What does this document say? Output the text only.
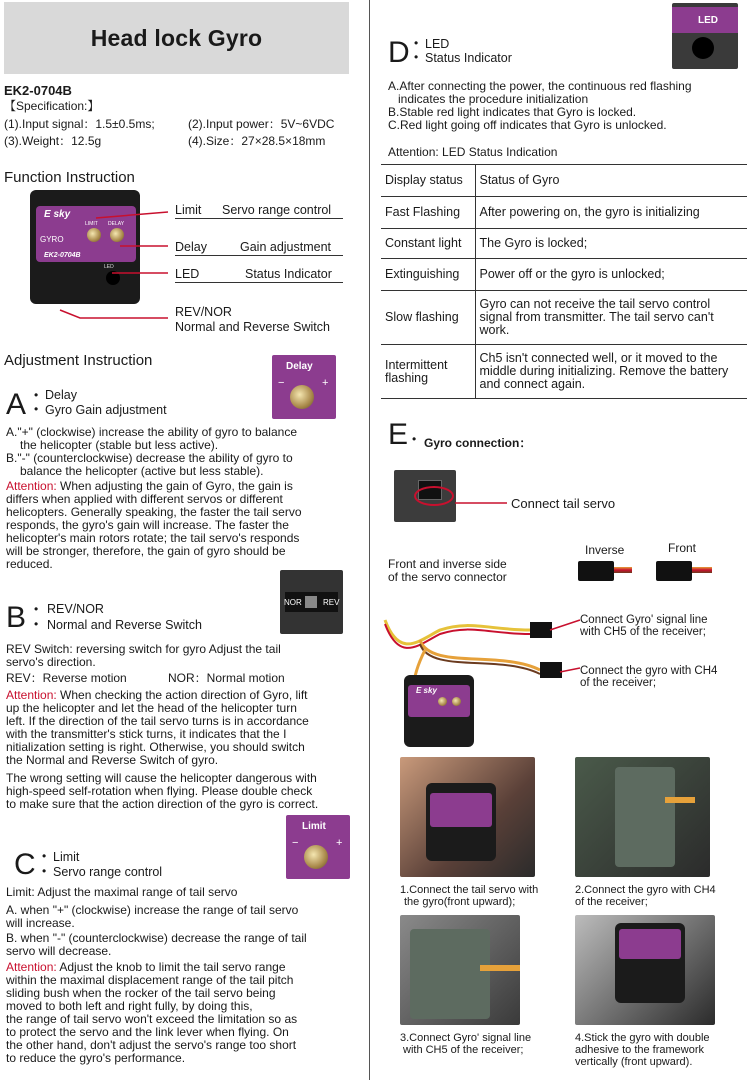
Head lock Gyro
EK2-0704B
【Specification:】
(1).Input signal：1.5±0.5ms;	(2).Input power：5V~6VDC
(3).Weight：12.5g	(4).Size：27×28.5×18mm
Function Instruction
E sky
GYRO
LIMIT DELAY
EK2-0704B
LED
Limit Servo range control
Delay	Gain adjustment
LED	Status Indicator
REV/NOR
Normal and Reverse Switch
Adjustment Instruction
A •
•
Delay
Gyro Gain adjustment
Delay
−	+
A."+" (clockwise) increase the ability of gyro to balance
the helicopter (stable but less active).
B."-" (counterclockwise) decrease the ability of gyro to
balance the helicopter (active but less stable).
Attention: When adjusting the gain of Gyro, the gain is
differs when applied with different servos or different
helicopters. Generally speaking, the faster the tail servo
responds, the gyro's gain will increase. The faster the
helicopter's main rotors rotate; the tail servo's responds
will be stronger, therefore, the gain of gyro should be
reduced.
B •
•
REV/NOR
Normal and Reverse Switch
NOR	REV
REV Switch: reversing switch for gyro Adjust the tail
servo's direction.
REV：Reverse motion	NOR：Normal motion
Attention: When checking the action direction of Gyro, lift
up the helicopter and let the head of the helicopter turn
left. If the direction of the tail servo turns is in accordance
with the transmitter's stick turns, it indicates that the I
nitialization setting is right. Otherwise, you should switch
the Normal and Reverse Switch of gyro.
The wrong setting will cause the helicopter dangerous with
high-speed self-rotation when flying. Please double check
to make sure that the action direction of the gyro is correct.
C •
•
Limit
Servo range control
Limit
−	+
Limit: Adjust the maximal range of tail servo
A. when "+" (clockwise) increase the range of tail servo
will increase.
B. when "-" (counterclockwise) decrease the range of tail
servo will decrease.
Attention: Adjust the knob to limit the tail servo range
within the maximal displacement range of the tail pitch
sliding bush when the rocker of the tail servo being
moved to both left and right fully, by doing this,
the range of tail servo won't exceed the limitation so as
to protect the servo and the link lever when flying. On
the other hand, don't adjust the servo's range too short
to reduce the gyro's performance.
D •
•
LED
Status Indicator
LED
A.After connecting the power, the continuous red flashing
indicates the procedure initialization
B.Stable red light indicates that Gyro is locked.
C.Red light going off indicates that Gyro is unlocked.
Attention: LED Status Indication
Display status	Status of Gyro
Fast Flashing	After powering on, the gyro is initializing
Constant light	The Gyro is locked;
Extinguishing	Power off or the gyro is unlocked;
Slow flashing	Gyro can not receive the tail servo control signal from transmitter. The tail servo can't work.
Intermittent flashing	Ch5 isn't connected well, or it moved to the middle during initializing. Remove the battery and connect again.
E • Gyro connection：
Connect tail servo
Front and inverse side
of the servo connector
Inverse	Front
E sky
Connect Gyro' signal line
with CH5 of the receiver;
Connect the gyro with CH4
of the receiver;
1.Connect the tail servo with
the gyro(front upward);
2.Connect the gyro with CH4
of the receiver;
3.Connect Gyro' signal line
with CH5 of the receiver;
4.Stick the gyro with double
adhesive to the framework
vertically (front upward).
